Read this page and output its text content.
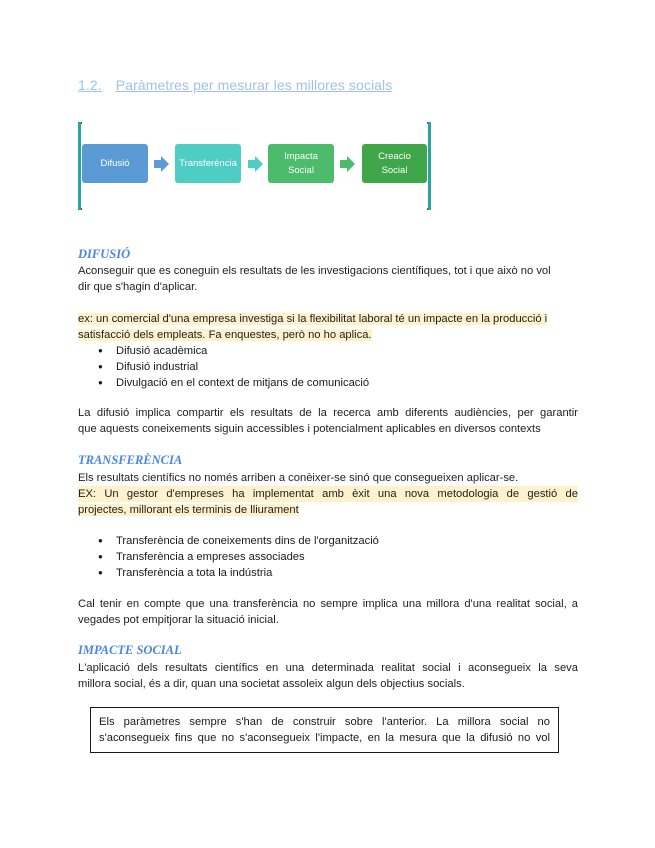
1.2. Paràmetres per mesurar les millores socials
Difusió	Transferència
Impacta
Social
Creacio
Social
DIFUSIÓ
Aconseguir que es coneguin els resultats de les investigacions científiques, tot i que això no vol
dir que s'hagin d'aplicar.
ex: un comercial d'una empresa investiga si la flexibilitat laboral té un impacte en la producció i
satisfacció dels empleats. Fa enquestes, però no ho aplica.
● Difusió acadèmica
● Difusió industrial
● Divulgació en el context de mitjans de comunicació
La difusió implica compartir els resultats de la recerca amb diferents audiències, per garantir
que aquests coneixements siguin accessibles i potencialment aplicables en diversos contexts
TRANSFERÈNCIA
Els resultats científics no només arriben a conèixer-se sinó que consegueixen aplicar-se.
EX: Un gestor d'empreses ha implementat amb èxit una nova metodologia de gestió de
projectes, millorant els terminis de lliurament
● Transferència de coneixements dins de l'organització
● Transferència a empreses associades
● Transferència a tota la indústria
Cal tenir en compte que una transferència no sempre implica una millora d'una realitat social, a
vegades pot empitjorar la situació inicial.
IMPACTE SOCIAL
L'aplicació dels resultats científics en una determinada realitat social i aconsegueix la seva
millora social, és a dir, quan una societat assoleix algun dels objectius socials.
Els paràmetres sempre s'han de construir sobre l'anterior. La millora social no
s'aconsegueix fins que no s'aconsegueix l'impacte, en la mesura que la difusió no vol
